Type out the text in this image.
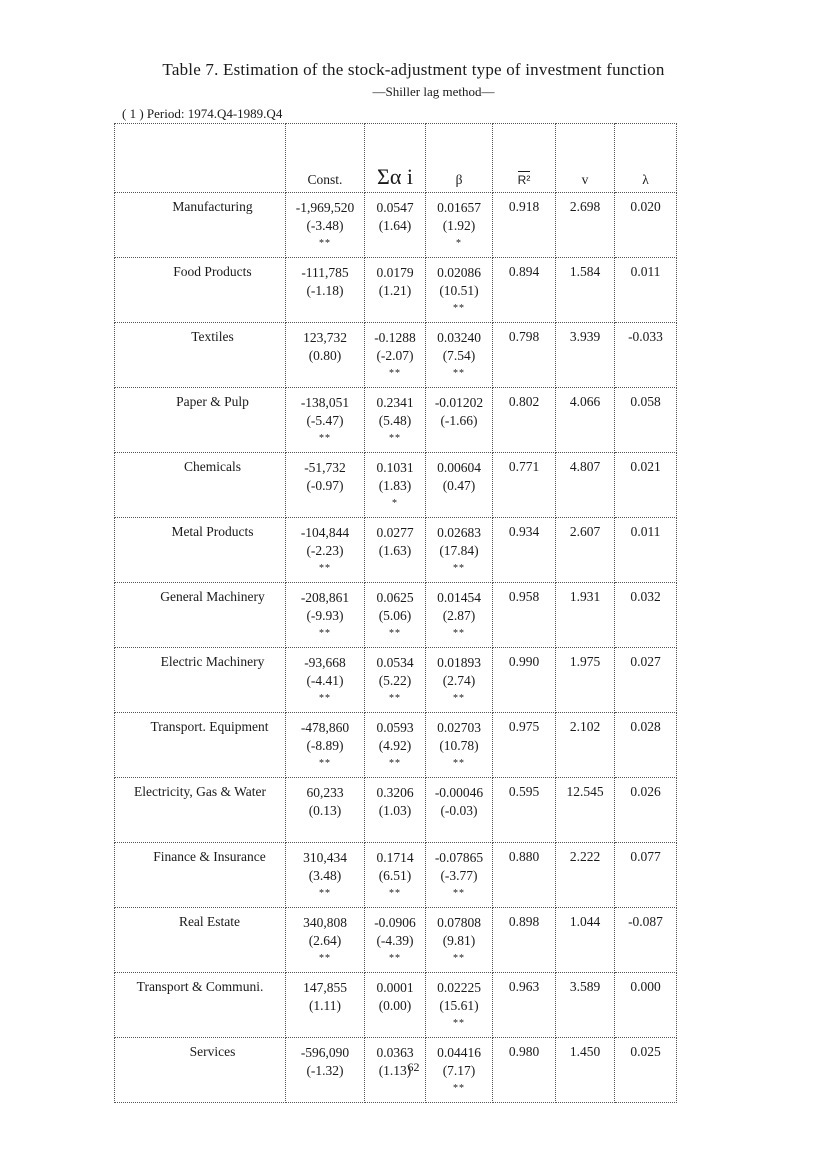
Table 7. Estimation of the stock-adjustment type of investment function
—Shiller lag method—
( 1 ) Period: 1974.Q4-1989.Q4
	Const.	Σα i	β	R²	v	λ
Manufacturing	-1,969,520
(-3.48)
**	0.0547
(1.64)	0.01657
(1.92)
*	0.918	2.698	0.020
Food Products	-111,785
(-1.18)	0.0179
(1.21)	0.02086
(10.51)
**	0.894	1.584	0.011
Textiles	123,732
(0.80)	-0.1288
(-2.07)
**	0.03240
(7.54)
**	0.798	3.939	-0.033
Paper & Pulp	-138,051
(-5.47)
**	0.2341
(5.48)
**	-0.01202
(-1.66)	0.802	4.066	0.058
Chemicals	-51,732
(-0.97)	0.1031
(1.83)
*	0.00604
(0.47)	0.771	4.807	0.021
Metal Products	-104,844
(-2.23)
**	0.0277
(1.63)	0.02683
(17.84)
**	0.934	2.607	0.011
General Machinery	-208,861
(-9.93)
**	0.0625
(5.06)
**	0.01454
(2.87)
**	0.958	1.931	0.032
Electric Machinery	-93,668
(-4.41)
**	0.0534
(5.22)
**	0.01893
(2.74)
**	0.990	1.975	0.027
Transport. Equipment	-478,860
(-8.89)
**	0.0593
(4.92)
**	0.02703
(10.78)
**	0.975	2.102	0.028
Electricity, Gas & Water	60,233
(0.13)	0.3206
(1.03)	-0.00046
(-0.03)	0.595	12.545	0.026
Finance & Insurance	310,434
(3.48)
**	0.1714
(6.51)
**	-0.07865
(-3.77)
**	0.880	2.222	0.077
Real Estate	340,808
(2.64)
**	-0.0906
(-4.39)
**	0.07808
(9.81)
**	0.898	1.044	-0.087
Transport & Communi.	147,855
(1.11)	0.0001
(0.00)	0.02225
(15.61)
**	0.963	3.589	0.000
Services	-596,090
(-1.32)	0.0363
(1.13)	0.04416
(7.17)
**	0.980	1.450	0.025
62
